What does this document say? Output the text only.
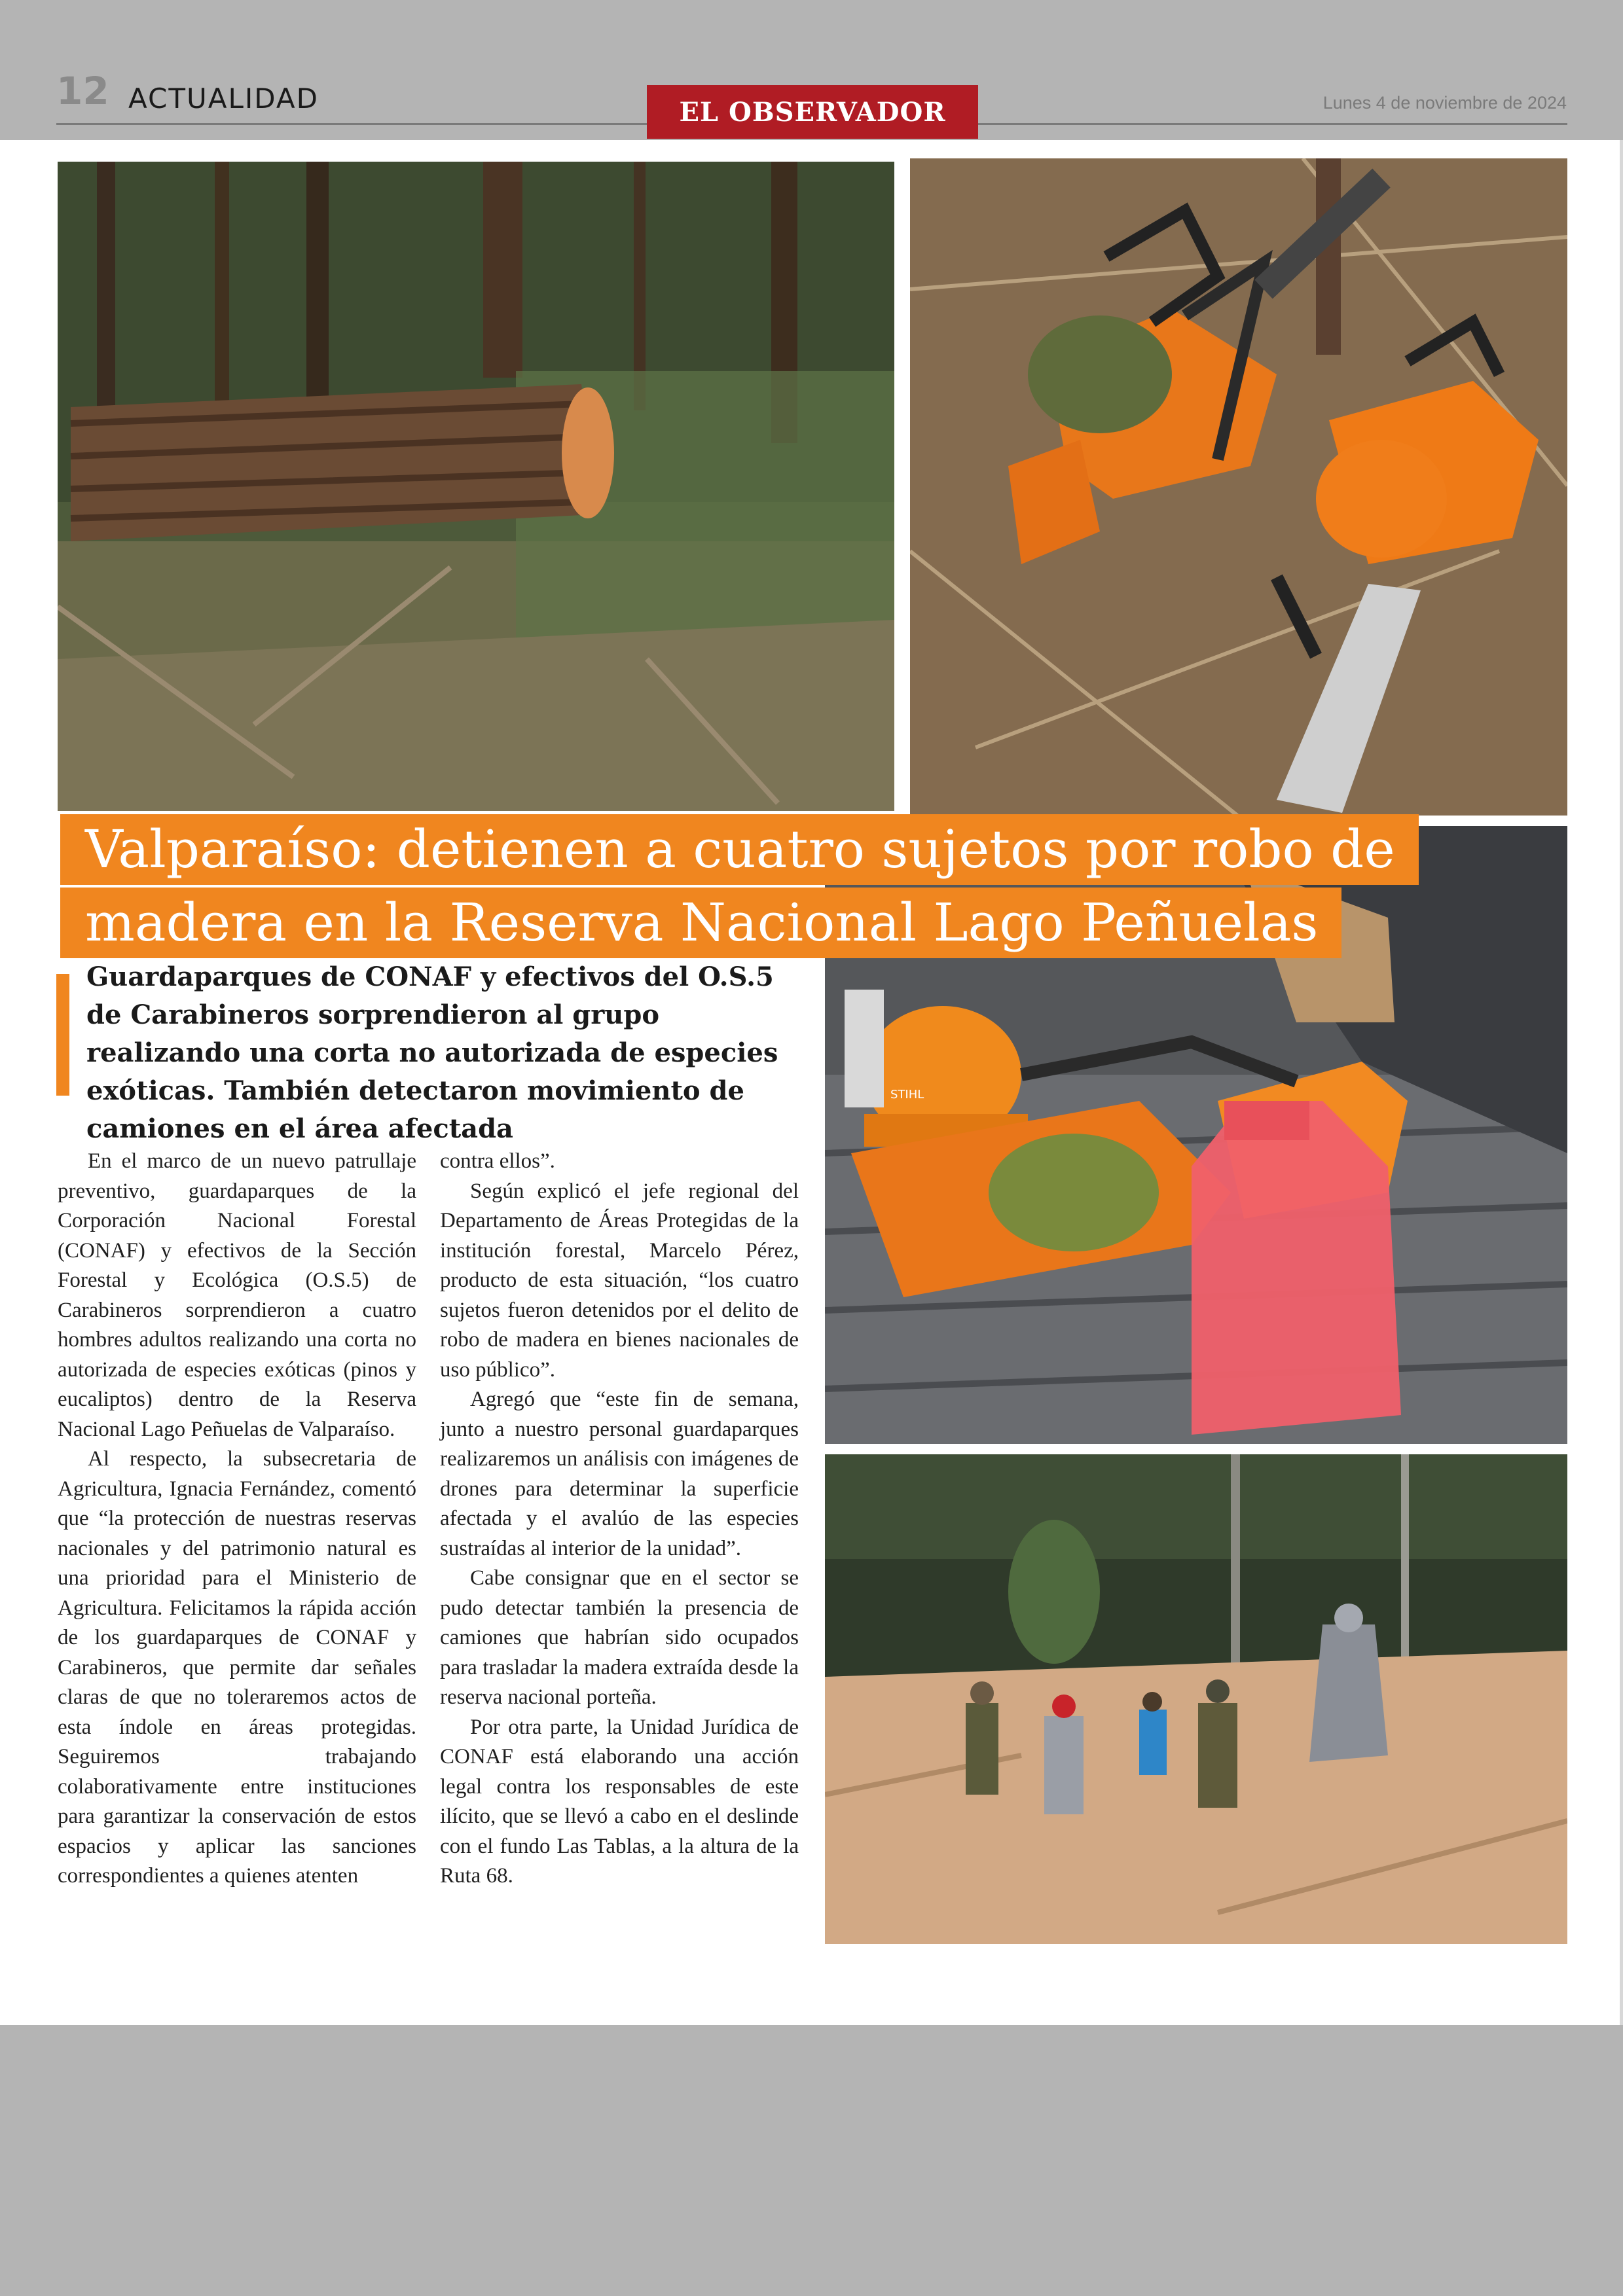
12 ACTUALIDAD	EL OBSERVADOR	Lunes 4 de noviembre de 2024
STIHL
Valparaíso: detienen a cuatro sujetos por robo de
madera en la Reserva Nacional Lago Peñuelas
Guardaparques de CONAF y efectivos del O.S.5 de Carabineros sorprendieron al grupo realizando una corta no autorizada de especies exóticas. También detectaron movimiento de camiones en el área afectada

En el marco de un nuevo patrullaje preventivo, guardaparques de la Corporación Nacional Forestal (CONAF) y efectivos de la Sección Forestal y Ecológica (O.S.5) de Carabineros sorprendieron a cuatro hombres adultos realizando una corta no autorizada de especies exóticas (pinos y eucaliptos) dentro de la Reserva Nacional Lago Peñuelas de Valparaíso.

Al respecto, la subsecretaria de Agricultura, Ignacia Fernández, comentó que “la protección de nuestras reservas nacionales y del patrimonio natural es una prioridad para el Ministerio de Agricultura. Felicitamos la rápida acción de los guardaparques de CONAF y Carabineros, que permite dar señales claras de que no toleraremos actos de esta índole en áreas protegidas. Seguiremos trabajando colaborativamente entre instituciones para garantizar la conservación de estos espacios y aplicar las sanciones correspondientes a quienes atenten

contra ellos”.

Según explicó el jefe regional del Departamento de Áreas Protegidas de la institución forestal, Marcelo Pérez, producto de esta situación, “los cuatro sujetos fueron detenidos por el delito de robo de madera en bienes nacionales de uso público”.

Agregó que “este fin de semana, junto a nuestro personal guardaparques realizaremos un análisis con imágenes de drones para determinar la superficie afectada y el avalúo de las especies sustraídas al interior de la unidad”.

Cabe consignar que en el sector se pudo detectar también la presencia de camiones que habrían sido ocupados para trasladar la madera extraída desde la reserva nacional porteña.

Por otra parte, la Unidad Jurídica de CONAF está elaborando una acción legal contra los responsables de este ilícito, que se llevó a cabo en el deslinde con el fundo Las Tablas, a la altura de la Ruta 68.
